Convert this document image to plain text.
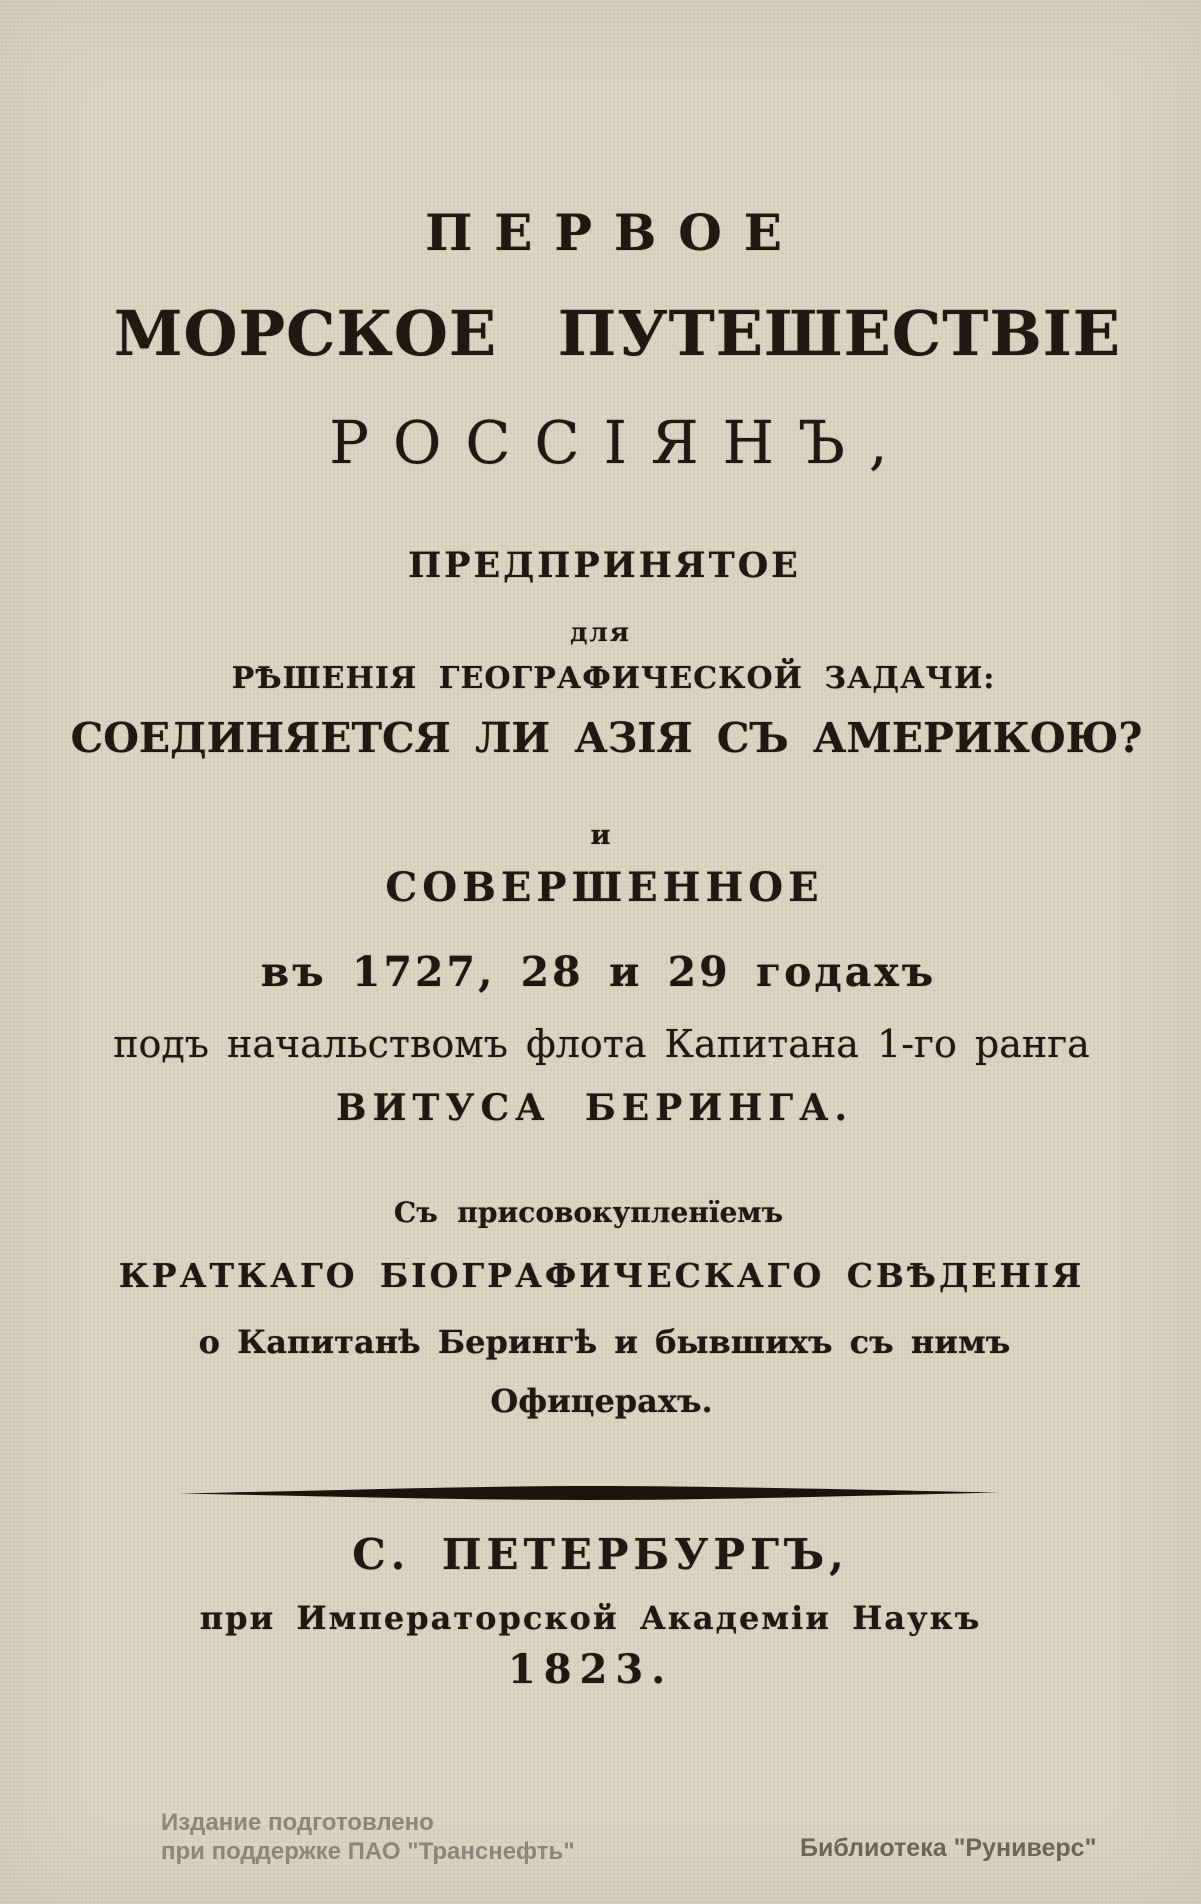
ПЕРВОЕ
МОРСКОЕ ПУТЕШЕСТВІЕ
РОССІЯНЪ,
ПРЕДПРИНЯТОЕ
для
РѢШЕНІЯ ГЕОГРАФИЧЕСКОЙ ЗАДАЧИ:
СОЕДИНЯЕТСЯ ЛИ АЗІЯ СЪ АМЕРИКОЮ?
и
СОВЕРШЕННОЕ
въ 1727, 28 и 29 годахъ
подъ начальствомъ флота Капитана 1-го ранга
ВИТУСА БЕРИНГА.
Съ присовокупленїемъ
КРАТКАГО БІОГРАФИЧЕСКАГО СВѢДЕНІЯ
о Капитанѣ Берингѣ и бывшихъ съ нимъ
Офицерахъ.
С. ПЕТЕРБУРГЪ,
при Императорской Академіи Наукъ
1823.
Издание подготовлено
при поддержке ПАО "Транснефть"	Библиотека "Руниверс"
